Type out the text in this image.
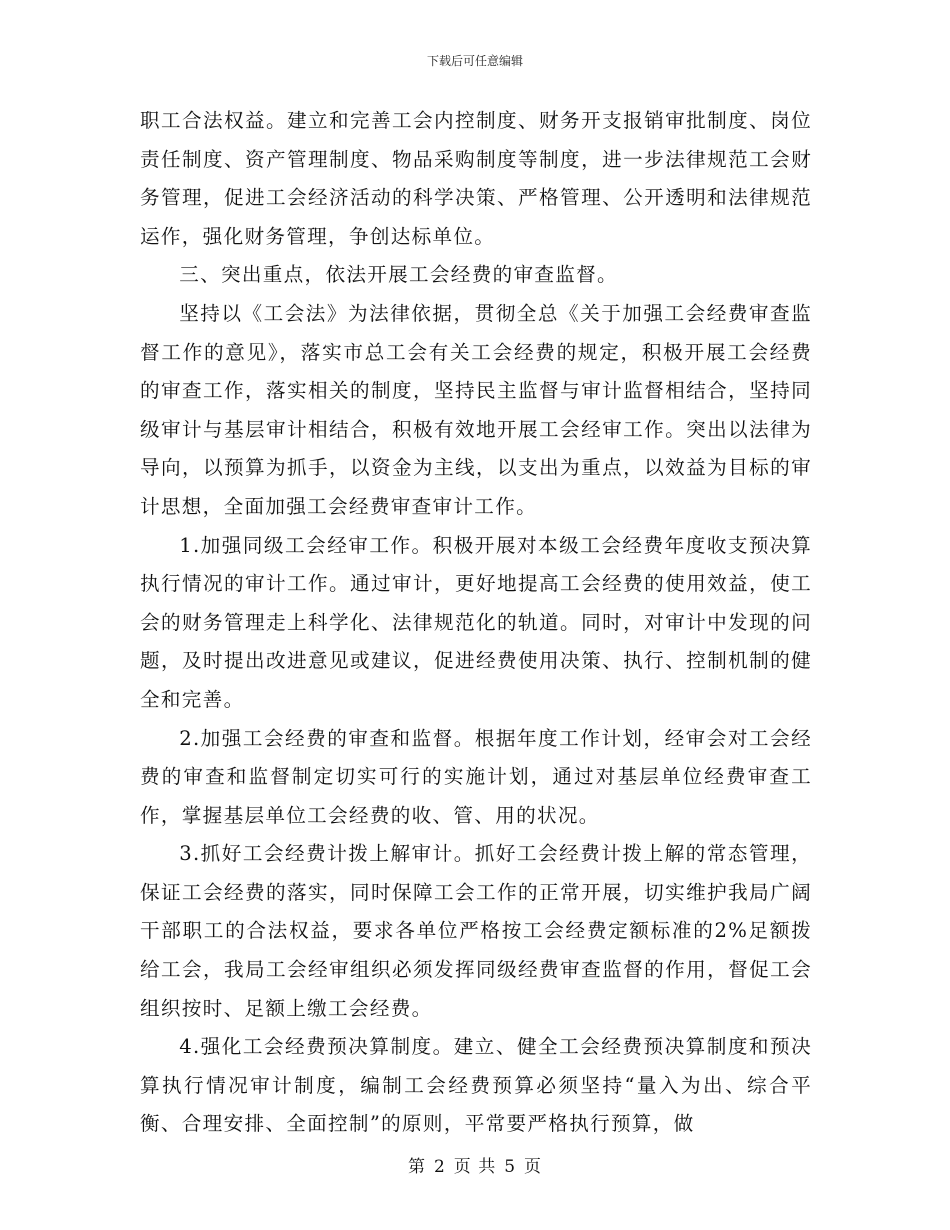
下载后可任意编辑

职工合法权益。建立和完善工会内控制度、财务开支报销审批制度、岗位责任制度、资产管理制度、物品采购制度等制度，进一步法律规范工会财务管理，促进工会经济活动的科学决策、严格管理、公开透明和法律规范运作，强化财务管理，争创达标单位。

三、突出重点，依法开展工会经费的审查监督。

坚持以《工会法》为法律依据，贯彻全总《关于加强工会经费审查监督工作的意见》，落实市总工会有关工会经费的规定，积极开展工会经费的审查工作，落实相关的制度，坚持民主监督与审计监督相结合，坚持同级审计与基层审计相结合，积极有效地开展工会经审工作。突出以法律为导向，以预算为抓手，以资金为主线，以支出为重点，以效益为目标的审计思想，全面加强工会经费审查审计工作。

1.加强同级工会经审工作。积极开展对本级工会经费年度收支预决算执行情况的审计工作。通过审计，更好地提高工会经费的使用效益，使工会的财务管理走上科学化、法律规范化的轨道。同时，对审计中发现的问题，及时提出改进意见或建议，促进经费使用决策、执行、控制机制的健全和完善。

2.加强工会经费的审查和监督。根据年度工作计划，经审会对工会经费的审查和监督制定切实可行的实施计划，通过对基层单位经费审查工作，掌握基层单位工会经费的收、管、用的状况。

3.抓好工会经费计拨上解审计。抓好工会经费计拨上解的常态管理，保证工会经费的落实，同时保障工会工作的正常开展，切实维护我局广阔干部职工的合法权益，要求各单位严格按工会经费定额标准的2%足额拨给工会，我局工会经审组织必须发挥同级经费审查监督的作用，督促工会组织按时、足额上缴工会经费。

4.强化工会经费预决算制度。建立、健全工会经费预决算制度和预决算执行情况审计制度，编制工会经费预算必须坚持“量入为出、综合平衡、合理安排、全面控制”的原则，平常要严格执行预算，做

第 2 页 共 5 页
